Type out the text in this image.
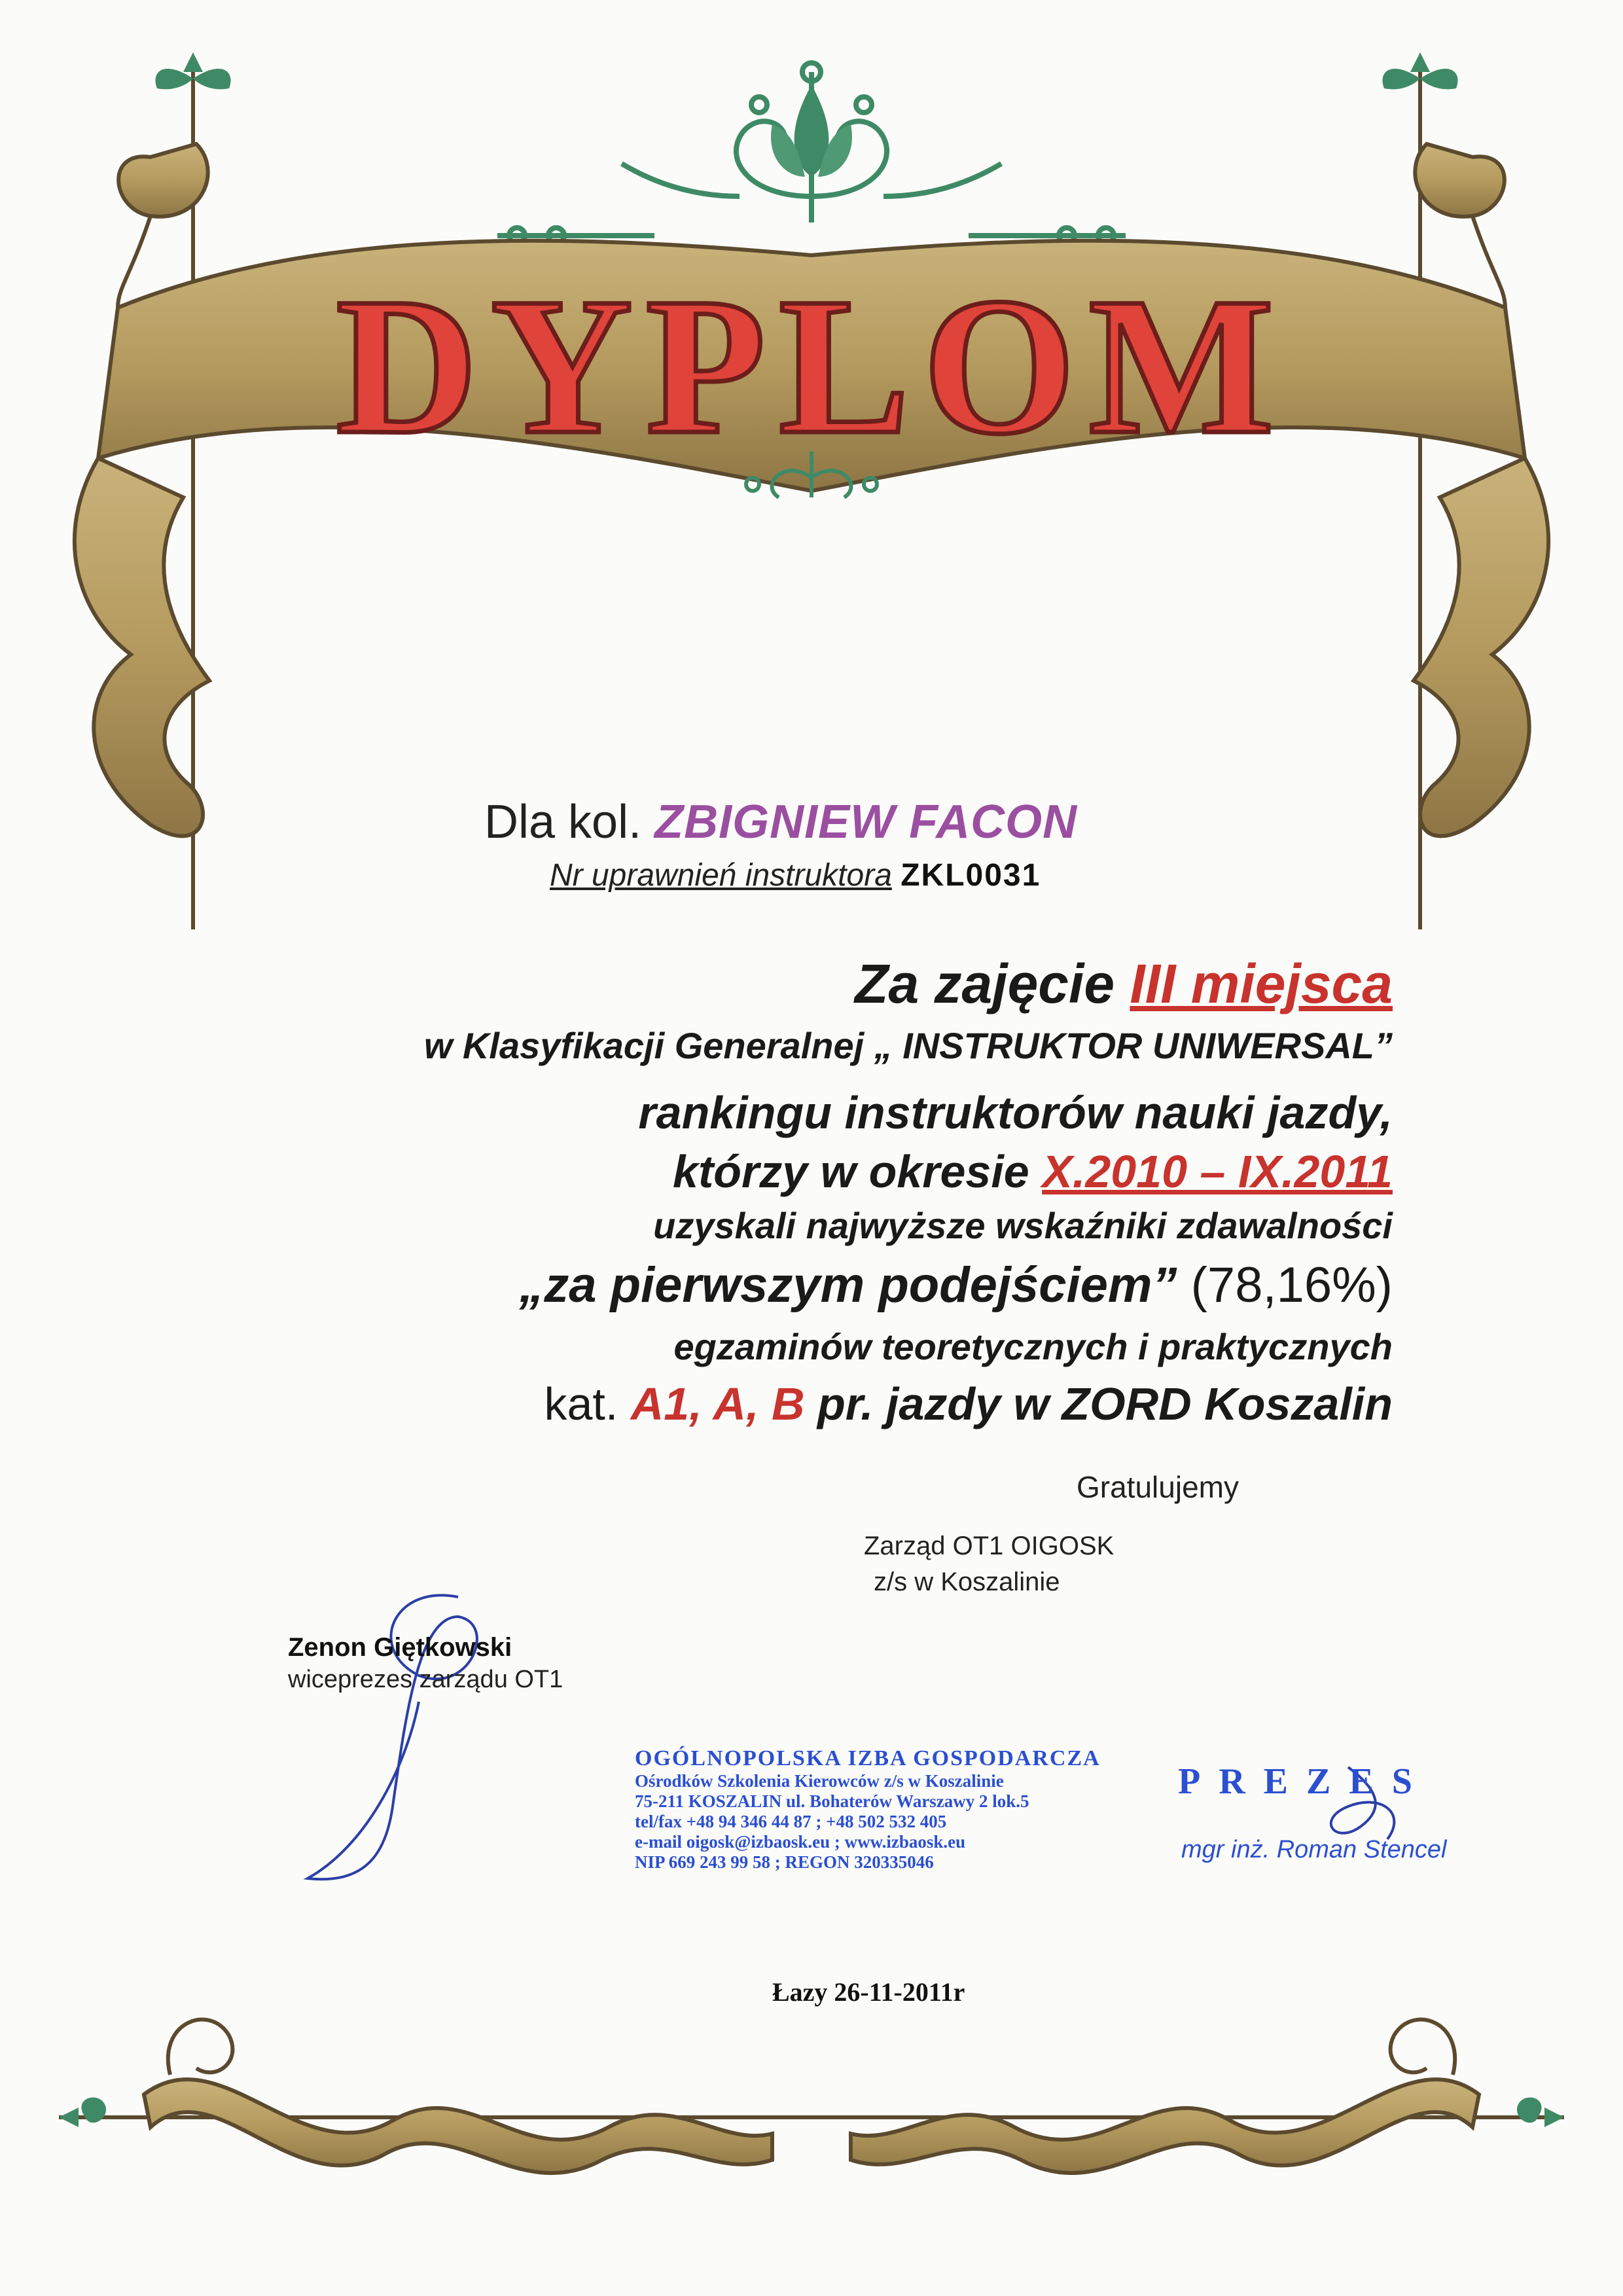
DYPLOM
Dla kol. ZBIGNIEW FACON
Nr uprawnień instruktora ZKL0031
Za zajęcie III miejsca
w Klasyfikacji Generalnej „ INSTRUKTOR UNIWERSAL”
rankingu instruktorów nauki jazdy,
którzy w okresie X.2010 – IX.2011
uzyskali najwyższe wskaźniki zdawalności
„za pierwszym podejściem” (78,16%)
egzaminów teoretycznych i praktycznych
kat. A1, A, B pr. jazdy w ZORD Koszalin
Gratulujemy
Zarząd OT1 OIGOSK
z/s w Koszalinie
Zenon Giętkowski
wiceprezes zarządu OT1
OGÓLNOPOLSKA IZBA GOSPODARCZA
Ośrodków Szkolenia Kierowców z/s w Koszalinie
75-211 KOSZALIN ul. Bohaterów Warszawy 2 lok.5
tel/fax +48 94 346 44 87 ; +48 502 532 405
e-mail oigosk@izbaosk.eu ; www.izbaosk.eu
NIP 669 243 99 58 ; REGON 320335046
PREZES
mgr inż. Roman Stencel
Łazy 26-11-2011r
